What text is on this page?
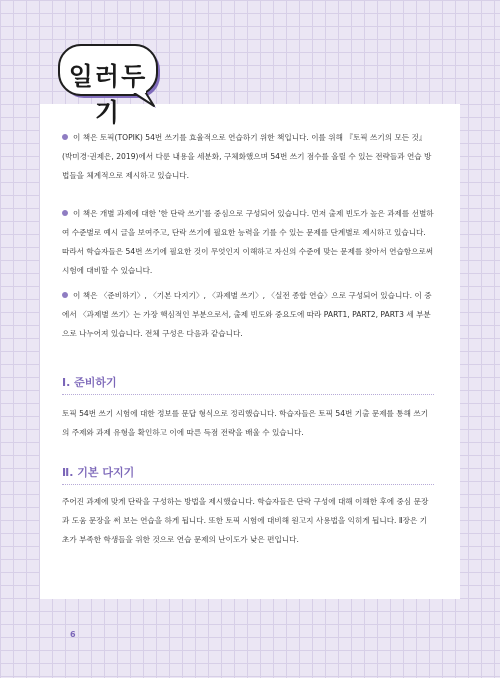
일러두기

이 책은 토픽(TOPIK) 54번 쓰기를 효율적으로 연습하기 위한 책입니다. 이를 위해 『토픽 쓰기의 모든 것』(박미경·권제은, 2019)에서 다룬 내용을 세분화, 구체화했으며 54번 쓰기 점수를 올릴 수 있는 전략들과 연습 방법들을 체계적으로 제시하고 있습니다.

이 책은 개별 과제에 대한 '한 단락 쓰기'를 중심으로 구성되어 있습니다. 먼저 출제 빈도가 높은 과제를 선별하여 수준별로 예시 글을 보여주고, 단락 쓰기에 필요한 능력을 기를 수 있는 문제를 단계별로 제시하고 있습니다. 따라서 학습자들은 54번 쓰기에 필요한 것이 무엇인지 이해하고 자신의 수준에 맞는 문제를 찾아서 연습함으로써 시험에 대비할 수 있습니다.

이 책은 〈준비하기〉, 〈기본 다지기〉, 〈과제별 쓰기〉, 〈실전 종합 연습〉으로 구성되어 있습니다. 이 중에서 〈과제별 쓰기〉는 가장 핵심적인 부분으로서, 출제 빈도와 중요도에 따라 PART1, PART2, PART3 세 부분으로 나누어져 있습니다. 전체 구성은 다음과 같습니다.

Ⅰ. 준비하기

토픽 54번 쓰기 시험에 대한 정보를 문답 형식으로 정리했습니다. 학습자들은 토픽 54번 기출 문제를 통해 쓰기의 주제와 과제 유형을 확인하고 이에 따른 득점 전략을 배울 수 있습니다.

Ⅱ. 기본 다지기

주어진 과제에 맞게 단락을 구성하는 방법을 제시했습니다. 학습자들은 단락 구성에 대해 이해한 후에 중심 문장과 도움 문장을 써 보는 연습을 하게 됩니다. 또한 토픽 시험에 대비해 원고지 사용법을 익히게 됩니다. Ⅱ장은 기초가 부족한 학생들을 위한 것으로 연습 문제의 난이도가 낮은 편입니다.

6
